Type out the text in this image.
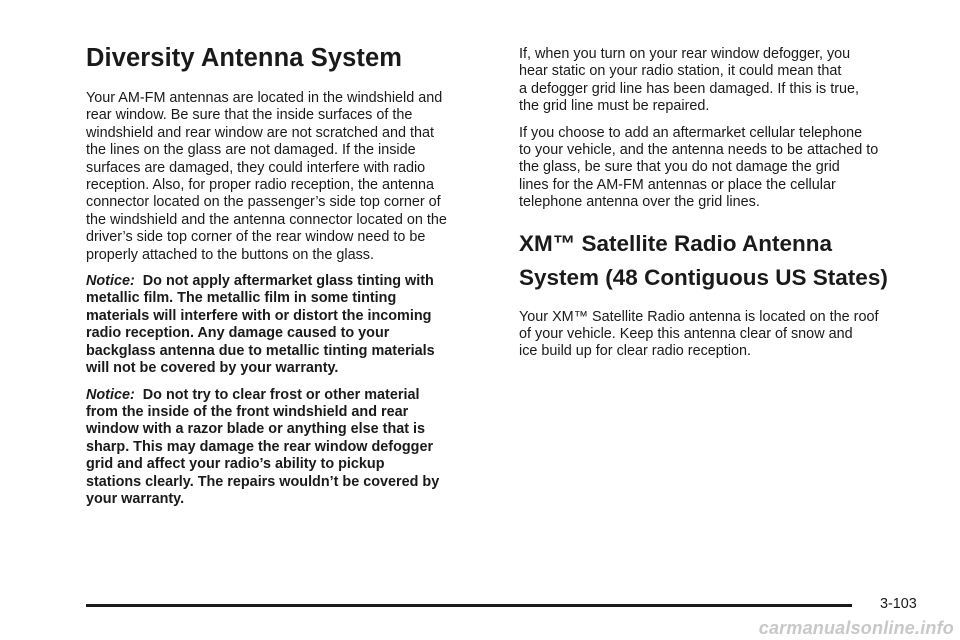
Diversity Antenna System

Your AM-FM antennas are located in the windshield and
rear window. Be sure that the inside surfaces of the
windshield and rear window are not scratched and that
the lines on the glass are not damaged. If the inside
surfaces are damaged, they could interfere with radio
reception. Also, for proper radio reception, the antenna
connector located on the passenger’s side top corner of
the windshield and the antenna connector located on the
driver’s side top corner of the rear window need to be
properly attached to the buttons on the glass.

Notice: Do not apply aftermarket glass tinting with
metallic film. The metallic film in some tinting
materials will interfere with or distort the incoming
radio reception. Any damage caused to your
backglass antenna due to metallic tinting materials
will not be covered by your warranty.

Notice: Do not try to clear frost or other material
from the inside of the front windshield and rear
window with a razor blade or anything else that is
sharp. This may damage the rear window defogger
grid and affect your radio’s ability to pickup
stations clearly. The repairs wouldn’t be covered by
your warranty.

If, when you turn on your rear window defogger, you
hear static on your radio station, it could mean that
a defogger grid line has been damaged. If this is true,
the grid line must be repaired.

If you choose to add an aftermarket cellular telephone
to your vehicle, and the antenna needs to be attached to
the glass, be sure that you do not damage the grid
lines for the AM-FM antennas or place the cellular
telephone antenna over the grid lines.

XM™ Satellite Radio Antenna
System (48 Contiguous US States)

Your XM™ Satellite Radio antenna is located on the roof
of your vehicle. Keep this antenna clear of snow and
ice build up for clear radio reception.

3-103
carmanualsonline.info
